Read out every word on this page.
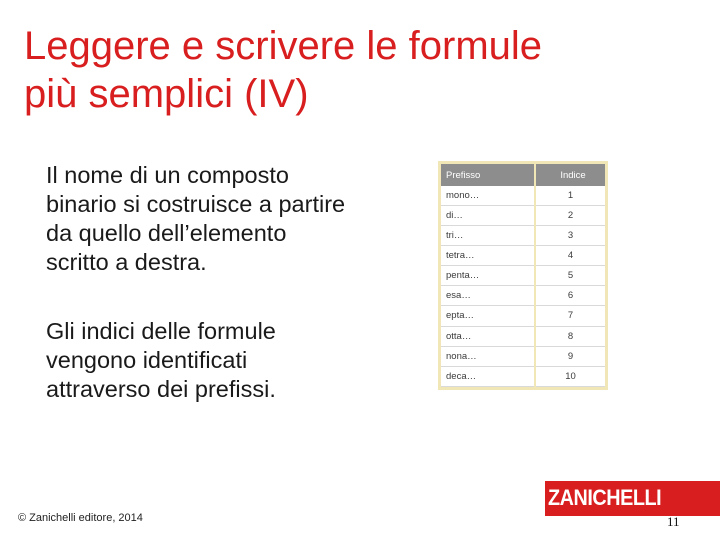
Leggere e scrivere le formule
più semplici (IV)

Il nome di un composto
binario si costruisce a partire
da quello dell’elemento
scritto a destra.

Gli indici delle formule
vengono identificati
attraverso dei prefissi.

Prefisso	Indice
mono…	1
di…	2
tri…	3
tetra…	4
penta…	5
esa…	6
epta…	7
otta…	8
nona…	9
deca…	10
© Zanichelli editore, 2014
ZANICHELLI
11
